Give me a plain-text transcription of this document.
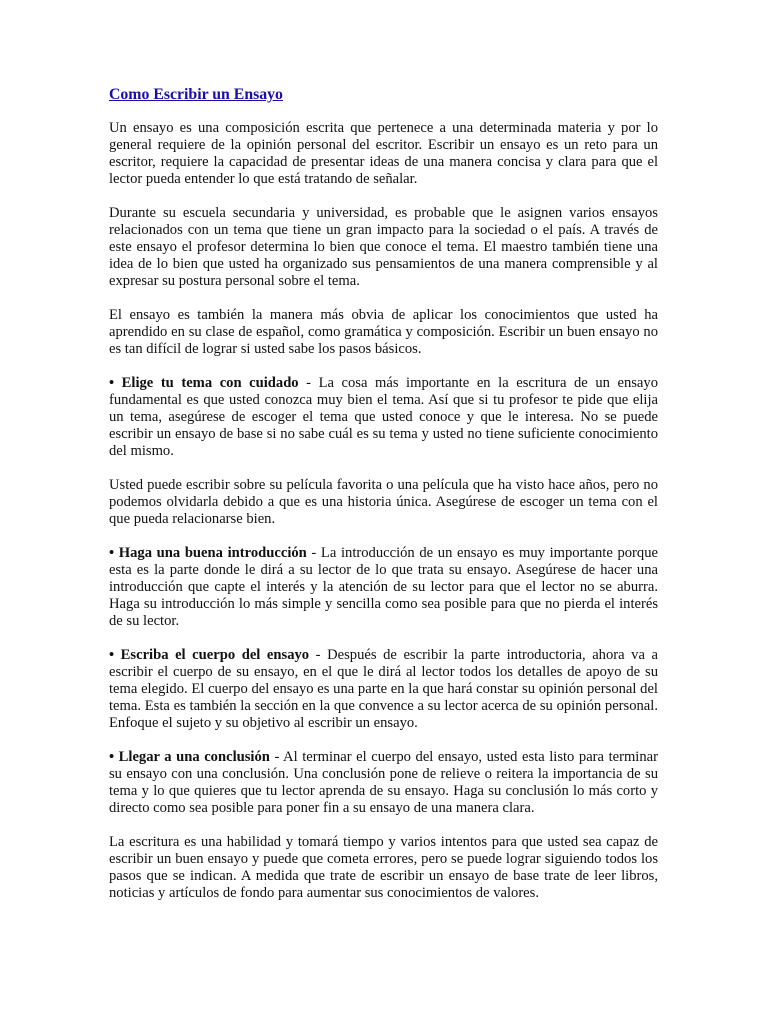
Como Escribir un Ensayo

Un ensayo es una composición escrita que pertenece a una determinada materia y por lo general requiere de la opinión personal del escritor. Escribir un ensayo es un reto para un escritor, requiere la capacidad de presentar ideas de una manera concisa y clara para que el lector pueda entender lo que está tratando de señalar.

Durante su escuela secundaria y universidad, es probable que le asignen varios ensayos relacionados con un tema que tiene un gran impacto para la sociedad o el país. A través de este ensayo el profesor determina lo bien que conoce el tema. El maestro también tiene una idea de lo bien que usted ha organizado sus pensamientos de una manera comprensible y al expresar su postura personal sobre el tema.

El ensayo es también la manera más obvia de aplicar los conocimientos que usted ha aprendido en su clase de español, como gramática y composición. Escribir un buen ensayo no es tan difícil de lograr si usted sabe los pasos básicos.

• Elige tu tema con cuidado - La cosa más importante en la escritura de un ensayo fundamental es que usted conozca muy bien el tema. Así que si tu profesor te pide que elija un tema, asegúrese de escoger el tema que usted conoce y que le interesa. No se puede escribir un ensayo de base si no sabe cuál es su tema y usted no tiene suficiente conocimiento del mismo.

Usted puede escribir sobre su película favorita o una película que ha visto hace años, pero no podemos olvidarla debido a que es una historia única. Asegúrese de escoger un tema con el que pueda relacionarse bien.

• Haga una buena introducción - La introducción de un ensayo es muy importante porque esta es la parte donde le dirá a su lector de lo que trata su ensayo. Asegúrese de hacer una introducción que capte el interés y la atención de su lector para que el lector no se aburra. Haga su introducción lo más simple y sencilla como sea posible para que no pierda el interés de su lector.

• Escriba el cuerpo del ensayo - Después de escribir la parte introductoria, ahora va a escribir el cuerpo de su ensayo, en el que le dirá al lector todos los detalles de apoyo de su tema elegido. El cuerpo del ensayo es una parte en la que hará constar su opinión personal del tema. Esta es también la sección en la que convence a su lector acerca de su opinión personal. Enfoque el sujeto y su objetivo al escribir un ensayo.

• Llegar a una conclusión - Al terminar el cuerpo del ensayo, usted esta listo para terminar su ensayo con una conclusión. Una conclusión pone de relieve o reitera la importancia de su tema y lo que quieres que tu lector aprenda de su ensayo. Haga su conclusión lo más corto y directo como sea posible para poner fin a su ensayo de una manera clara.

La escritura es una habilidad y tomará tiempo y varios intentos para que usted sea capaz de escribir un buen ensayo y puede que cometa errores, pero se puede lograr siguiendo todos los pasos que se indican. A medida que trate de escribir un ensayo de base trate de leer libros, noticias y artículos de fondo para aumentar sus conocimientos de valores.
